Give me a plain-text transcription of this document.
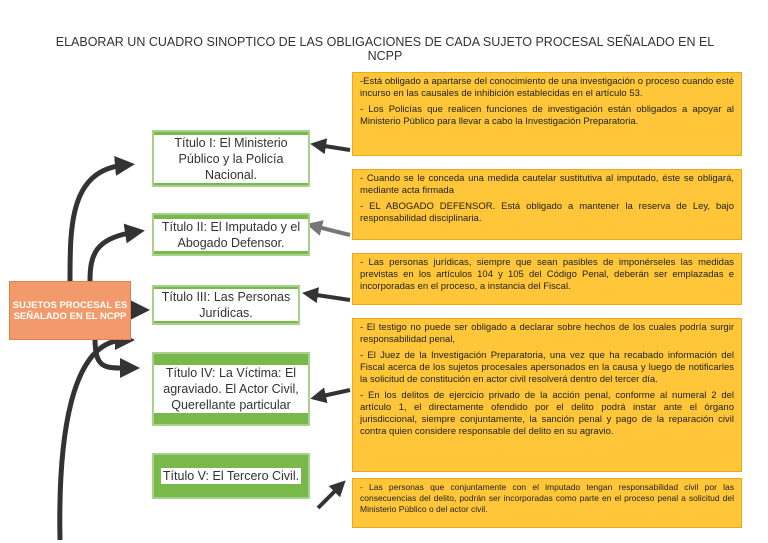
ELABORAR UN CUADRO SINOPTICO DE LAS OBLIGACIONES DE CADA SUJETO PROCESAL SEÑALADO EN EL NCPP
SUJETOS PROCESAL ES SEÑALADO EN EL NCPP
Título I: El Ministerio Público y la Policía Nacional.
Título II: El Imputado y el Abogado Defensor.
Título III: Las Personas Jurídicas.
Título IV: La Víctima: El agraviado. El Actor Civil, Querellante particular
Título V: El Tercero Civil.

-Está obligado a apartarse del conocimiento de una investigación o proceso cuando esté incurso en las causales de inhibición establecidas en el artículo 53.

- Los Policías que realicen funciones de investigación están obligados a apoyar al Ministerio Público para llevar a cabo la Investigación Preparatoria.

- Cuando se le conceda una medida cautelar sustitutiva al imputado, éste se obligará, mediante acta firmada

- EL ABOGADO DEFENSOR. Está obligado a mantener la reserva de Ley, bajo responsabilidad disciplinaria.

- Las personas jurídicas, siempre que sean pasibles de imponérseles las medidas previstas en los artículos 104 y 105 del Código Penal, deberán ser emplazadas e incorporadas en el proceso, a instancia del Fiscal.

- El testigo no puede ser obligado a declarar sobre hechos de los cuales podría surgir responsabilidad penal,

- El Juez de la Investigación Preparatoria, una vez que ha recabado información del Fiscal acerca de los sujetos procesales apersonados en la causa y luego de notificarles la solicitud de constitución en actor civil resolverá dentro del tercer día.

- En los delitos de ejercicio privado de la acción penal, conforme al numeral 2 del artículo 1, el directamente ofendido por el delito podrá instar ante el órgano jurisdiccional, siempre conjuntamente, la sanción penal y pago de la reparación civil contra quien considere responsable del delito en su agravio.

- Las personas que conjuntamente con el imputado tengan responsabilidad civil por las consecuencias del delito, podrán ser incorporadas como parte en el proceso penal a solicitud del Ministerio Público o del actor civil.
